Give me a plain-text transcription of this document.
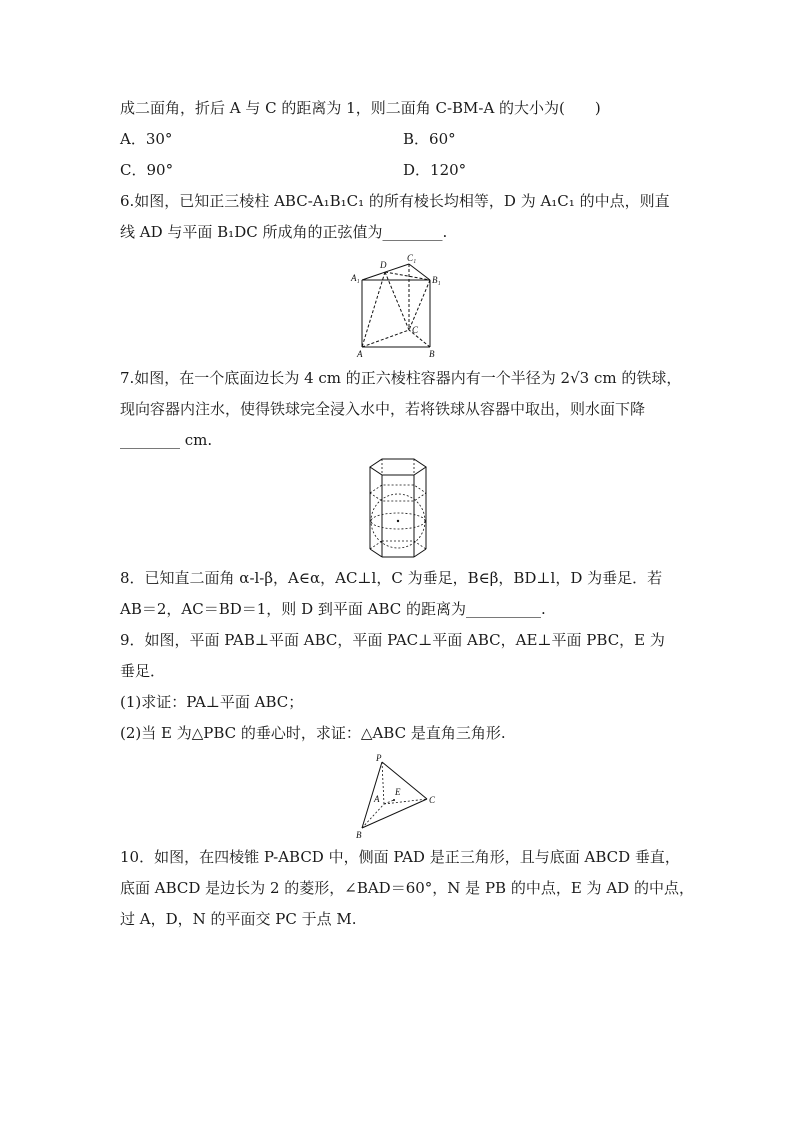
成二面角，折后 A 与 C 的距离为 1，则二面角 C-BM-A 的大小为(　　)
A．30°	B．60°
C．90°	D．120°
6.如图，已知正三棱柱 ABC-A₁B₁C₁ 的所有棱长均相等，D 为 A₁C₁ 的中点，则直
线 AD 与平面 B₁DC 所成角的正弦值为________.
A₁
D
C₁
B₁
C
A	B
7.如图，在一个底面边长为 4 cm 的正六棱柱容器内有一个半径为 2√3 cm 的铁球，
现向容器内注水，使得铁球完全浸入水中，若将铁球从容器中取出，则水面下降
________ cm.
8．已知直二面角 α-l-β，A∈α，AC⊥l，C 为垂足，B∈β，BD⊥l，D 为垂足．若
AB＝2，AC＝BD＝1，则 D 到平面 ABC 的距离为__________.
9．如图，平面 PAB⊥平面 ABC，平面 PAC⊥平面 ABC，AE⊥平面 PBC，E 为
垂足．
(1)求证：PA⊥平面 ABC；
(2)当 E 为△PBC 的垂心时，求证：△ABC 是直角三角形.
P
A
E
C
B
10．如图，在四棱锥 P-ABCD 中，侧面 PAD 是正三角形，且与底面 ABCD 垂直，
底面 ABCD 是边长为 2 的菱形，∠BAD＝60°，N 是 PB 的中点，E 为 AD 的中点，
过 A，D，N 的平面交 PC 于点 M.
